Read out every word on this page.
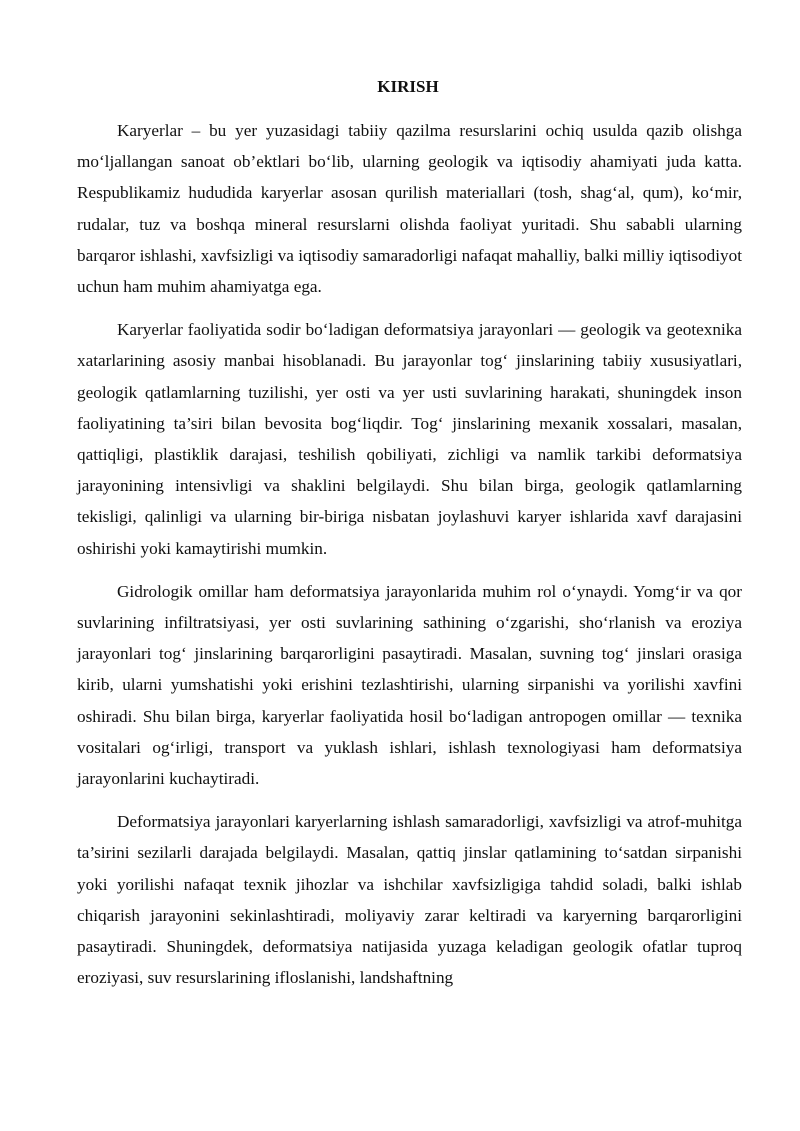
KIRISH

Karyerlar – bu yer yuzasidagi tabiiy qazilma resurslarini ochiq usulda qazib olishga mo‘ljallangan sanoat ob’ektlari bo‘lib, ularning geologik va iqtisodiy ahamiyati juda katta. Respublikamiz hududida karyerlar asosan qurilish materiallari (tosh, shag‘al, qum), ko‘mir, rudalar, tuz va boshqa mineral resurslarni olishda faoliyat yuritadi. Shu sababli ularning barqaror ishlashi, xavfsizligi va iqtisodiy samaradorligi nafaqat mahalliy, balki milliy iqtisodiyot uchun ham muhim ahamiyatga ega.

Karyerlar faoliyatida sodir bo‘ladigan deformatsiya jarayonlari — geologik va geotexnika xatarlarining asosiy manbai hisoblanadi. Bu jarayonlar tog‘ jinslarining tabiiy xususiyatlari, geologik qatlamlarning tuzilishi, yer osti va yer usti suvlarining harakati, shuningdek inson faoliyatining ta’siri bilan bevosita bog‘liqdir. Tog‘ jinslarining mexanik xossalari, masalan, qattiqligi, plastiklik darajasi, teshilish qobiliyati, zichligi va namlik tarkibi deformatsiya jarayonining intensivligi va shaklini belgilaydi. Shu bilan birga, geologik qatlamlarning tekisligi, qalinligi va ularning bir-biriga nisbatan joylashuvi karyer ishlarida xavf darajasini oshirishi yoki kamaytirishi mumkin.

Gidrologik omillar ham deformatsiya jarayonlarida muhim rol o‘ynaydi. Yomg‘ir va qor suvlarining infiltratsiyasi, yer osti suvlarining sathining o‘zgarishi, sho‘rlanish va eroziya jarayonlari tog‘ jinslarining barqarorligini pasaytiradi. Masalan, suvning tog‘ jinslari orasiga kirib, ularni yumshatishi yoki erishini tezlashtirishi, ularning sirpanishi va yorilishi xavfini oshiradi. Shu bilan birga, karyerlar faoliyatida hosil bo‘ladigan antropogen omillar — texnika vositalari og‘irligi, transport va yuklash ishlari, ishlash texnologiyasi ham deformatsiya jarayonlarini kuchaytiradi.

Deformatsiya jarayonlari karyerlarning ishlash samaradorligi, xavfsizligi va atrof-muhitga ta’sirini sezilarli darajada belgilaydi. Masalan, qattiq jinslar qatlamining to‘satdan sirpanishi yoki yorilishi nafaqat texnik jihozlar va ishchilar xavfsizligiga tahdid soladi, balki ishlab chiqarish jarayonini sekinlashtiradi, moliyaviy zarar keltiradi va karyerning barqarorligini pasaytiradi. Shuningdek, deformatsiya natijasida yuzaga keladigan geologik ofatlar tuproq eroziyasi, suv resurslarining ifloslanishi, landshaftning
